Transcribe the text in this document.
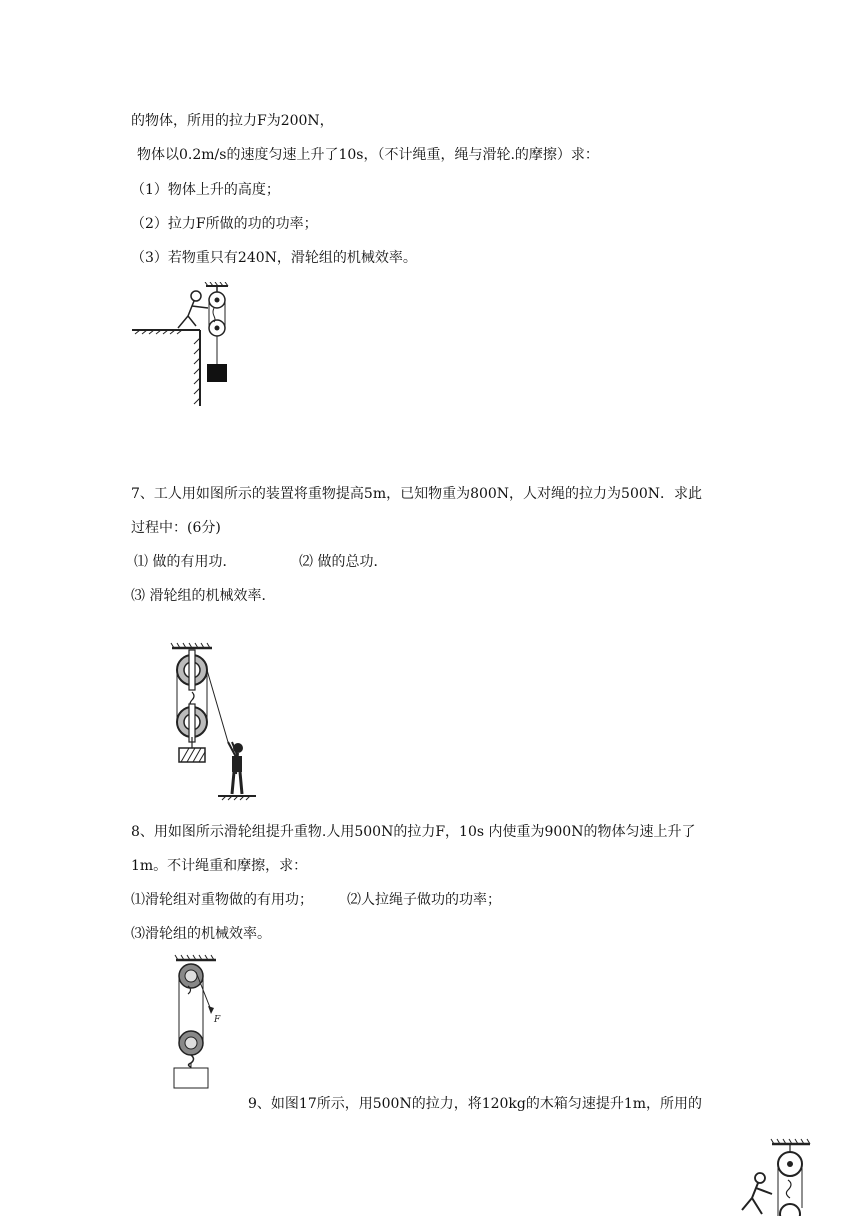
的物体，所用的拉力F为200N，
物体以0.2m/s的速度匀速上升了10s，（不计绳重，绳与滑轮.的摩擦）求：
（1）物体上升的高度；
（2）拉力F所做的功的功率；
（3）若物重只有240N，滑轮组的机械效率。
7、工人用如图所示的装置将重物提高5m，已知物重为800N，人对绳的拉力为500N．求此
过程中：(6分)
⑴ 做的有用功．	⑵ 做的总功．
⑶ 滑轮组的机械效率．
8、用如图所示滑轮组提升重物.人用500N的拉力F，10s 内使重为900N的物体匀速上升了
1m。不计绳重和摩擦，求：
⑴滑轮组对重物做的有用功； ⑵人拉绳子做功的功率；
⑶滑轮组的机械效率。
F
9、如图17所示，用500N的拉力，将120kg的木箱匀速提升1m，所用的
